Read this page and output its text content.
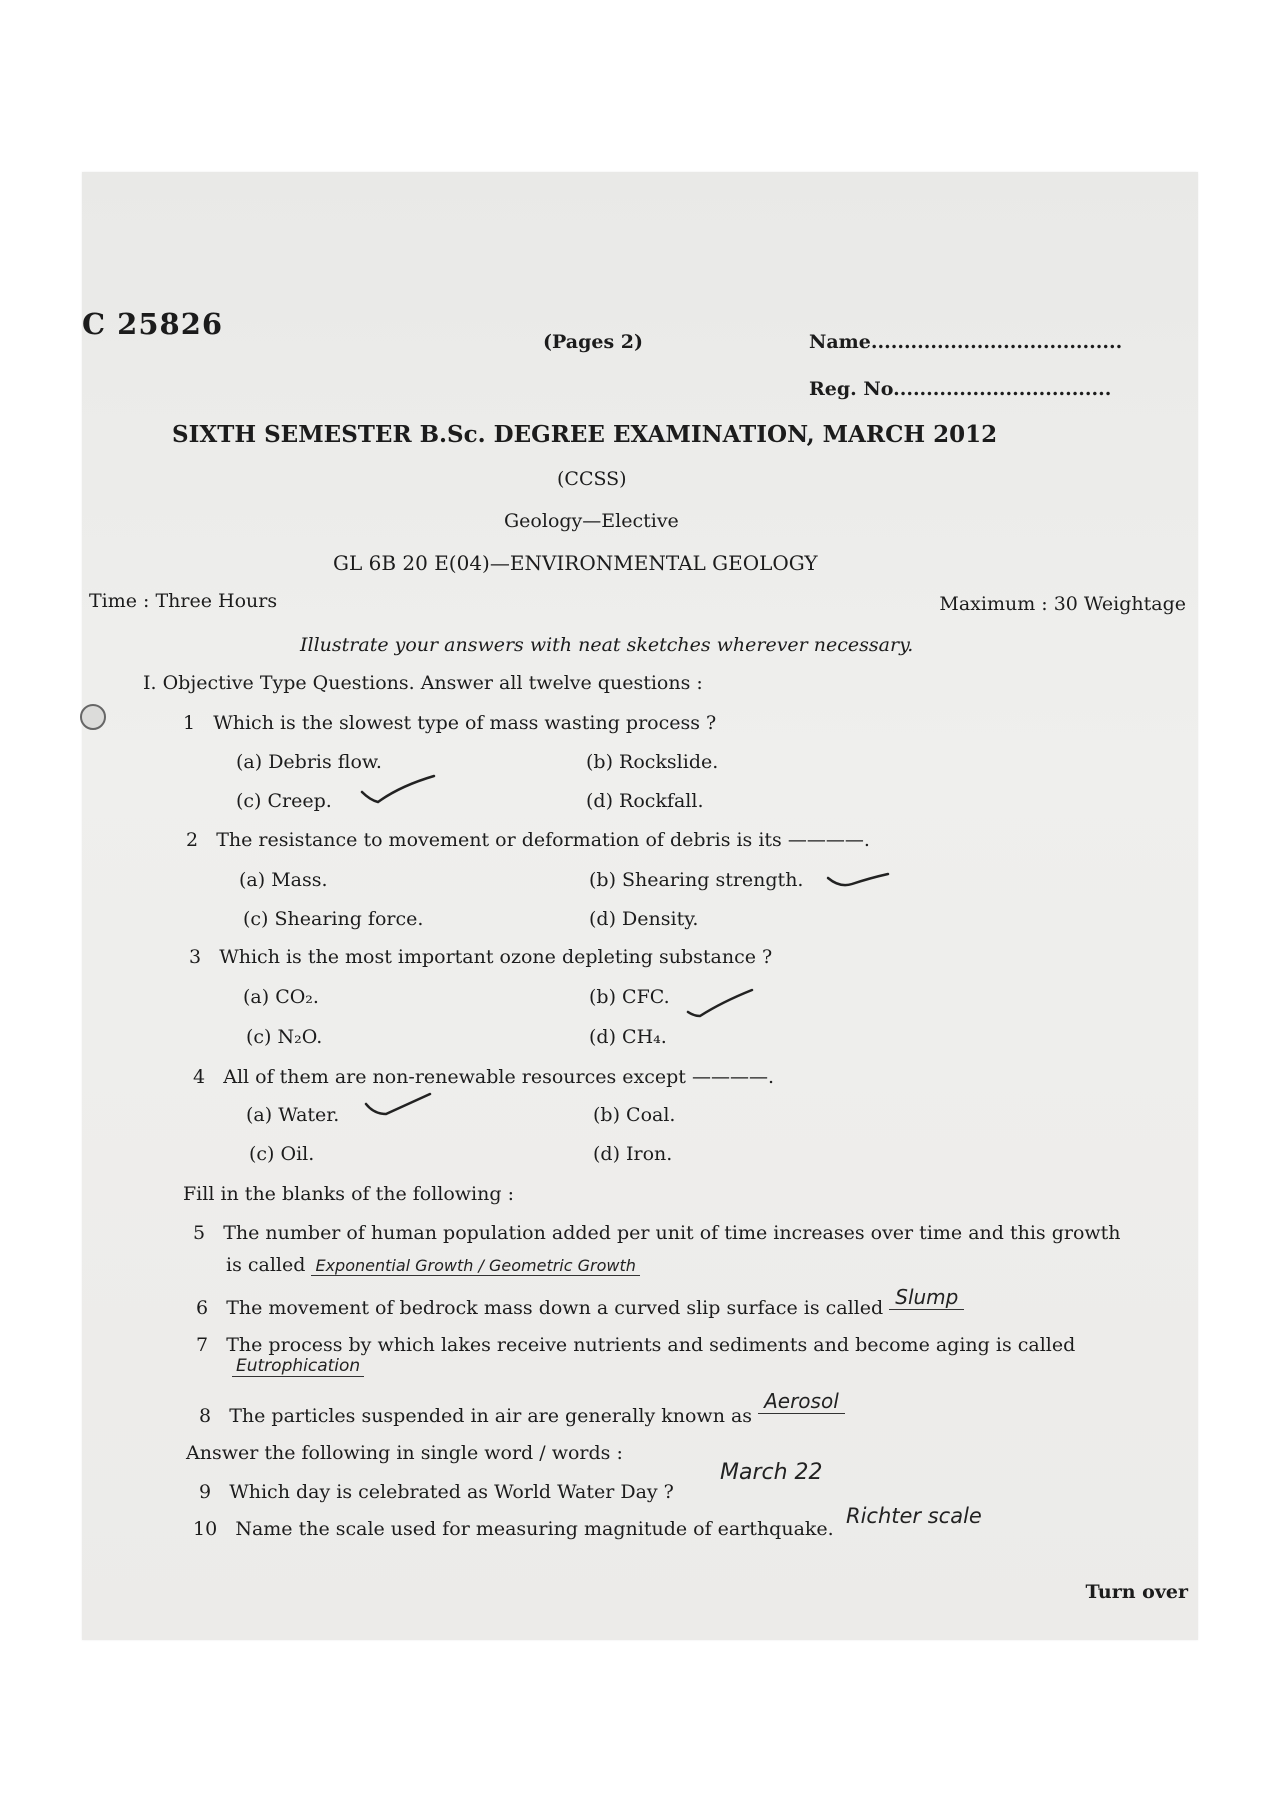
C 25826
(Pages 2)	Name......................................
Reg. No.................................
SIXTH SEMESTER B.Sc. DEGREE EXAMINATION, MARCH 2012
(CCSS)
Geology—Elective
GL 6B 20 E(04)—ENVIRONMENTAL GEOLOGY
Time : Three Hours	Maximum : 30 Weightage
Illustrate your answers with neat sketches wherever necessary.
I. Objective Type Questions. Answer all twelve questions :
1 Which is the slowest type of mass wasting process ?
(a) Debris flow.	(b) Rockslide.
(c) Creep.	(d) Rockfall.
2 The resistance to movement or deformation of debris is its ————.
(a) Mass.	(b) Shearing strength.
(c) Shearing force.	(d) Density.
3 Which is the most important ozone depleting substance ?
(a) CO₂.	(b) CFC.
(c) N₂O.	(d) CH₄.
4 All of them are non-renewable resources except ————.
(a) Water.	(b) Coal.
(c) Oil.	(d) Iron.
Fill in the blanks of the following :
5 The number of human population added per unit of time increases over time and this growth
is called Exponential Growth / Geometric Growth
6 The movement of bedrock mass down a curved slip surface is called Slump
7 The process by which lakes receive nutrients and sediments and become aging is called
Eutrophication
8 The particles suspended in air are generally known as Aerosol
Answer the following in single word / words :
9 Which day is celebrated as World Water Day ?
March 22
10 Name the scale used for measuring magnitude of earthquake.
Richter scale
Turn over
